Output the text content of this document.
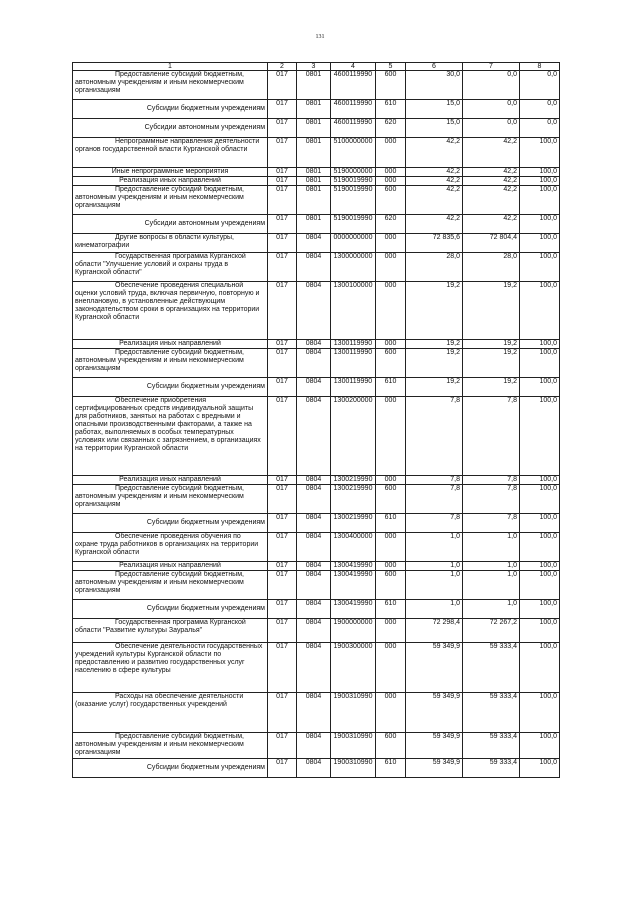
131
1	2	3	4	5	6	7	8
Предоставление субсидий бюджетным, автономным учреждениям и иным некоммерческим организациям	017	0801	4600119990	600	30,0	0,0	0,0
Субсидии бюджетным учреждениям	017	0801	4600119990	610	15,0	0,0	0,0
Субсидии автономным учреждениям	017	0801	4600119990	620	15,0	0,0	0,0
Непрограммные направления деятельности органов государственной власти Курганской области	017	0801	5100000000	000	42,2	42,2	100,0
Иные непрограммные мероприятия	017	0801	5190000000	000	42,2	42,2	100,0
Реализация иных направлений	017	0801	5190019990	000	42,2	42,2	100,0
Предоставление субсидий бюджетным, автономным учреждениям и иным некоммерческим организациям	017	0801	5190019990	600	42,2	42,2	100,0
Субсидии автономным учреждениям	017	0801	5190019990	620	42,2	42,2	100,0
Другие вопросы в области культуры, кинематографии	017	0804	0000000000	000	72 835,6	72 804,4	100,0
Государственная программа Курганской области "Улучшение условий и охраны труда в Курганской области"	017	0804	1300000000	000	28,0	28,0	100,0
Обеспечение проведения специальной оценки условий труда, включая первичную, повторную и внеплановую, в установленные действующим законодательством сроки в организациях на территории Курганской области	017	0804	1300100000	000	19,2	19,2	100,0
Реализация иных направлений	017	0804	1300119990	000	19,2	19,2	100,0
Предоставление субсидий бюджетным, автономным учреждениям и иным некоммерческим организациям	017	0804	1300119990	600	19,2	19,2	100,0
Субсидии бюджетным учреждениям	017	0804	1300119990	610	19,2	19,2	100,0
Обеспечение приобретения сертифицированных средств индивидуальной защиты для работников, занятых на работах с вредными и опасными производственными факторами, а также на работах, выполняемых в особых температурных условиях или связанных с загрязнением, в организациях на территории Курганской области	017	0804	1300200000	000	7,8	7,8	100,0
Реализация иных направлений	017	0804	1300219990	000	7,8	7,8	100,0
Предоставление субсидий бюджетным, автономным учреждениям и иным некоммерческим организациям	017	0804	1300219990	600	7,8	7,8	100,0
Субсидии бюджетным учреждениям	017	0804	1300219990	610	7,8	7,8	100,0
Обеспечение проведения обучения по охране труда работников в организациях на территории Курганской области	017	0804	1300400000	000	1,0	1,0	100,0
Реализация иных направлений	017	0804	1300419990	000	1,0	1,0	100,0
Предоставление субсидий бюджетным, автономным учреждениям и иным некоммерческим организациям	017	0804	1300419990	600	1,0	1,0	100,0
Субсидии бюджетным учреждениям	017	0804	1300419990	610	1,0	1,0	100,0
Государственная программа Курганской области "Развитие культуры Зауралья"	017	0804	1900000000	000	72 298,4	72 267,2	100,0
Обеспечение деятельности государственных учреждений культуры Курганской области по предоставлению и развитию государственных услуг населению в сфере культуры	017	0804	1900300000	000	59 349,9	59 333,4	100,0
Расходы на обеспечение деятельности (оказание услуг) государственных учреждений	017	0804	1900310990	000	59 349,9	59 333,4	100,0
Предоставление субсидий бюджетным, автономным учреждениям и иным некоммерческим организациям	017	0804	1900310990	600	59 349,9	59 333,4	100,0
Субсидии бюджетным учреждениям	017	0804	1900310990	610	59 349,9	59 333,4	100,0
